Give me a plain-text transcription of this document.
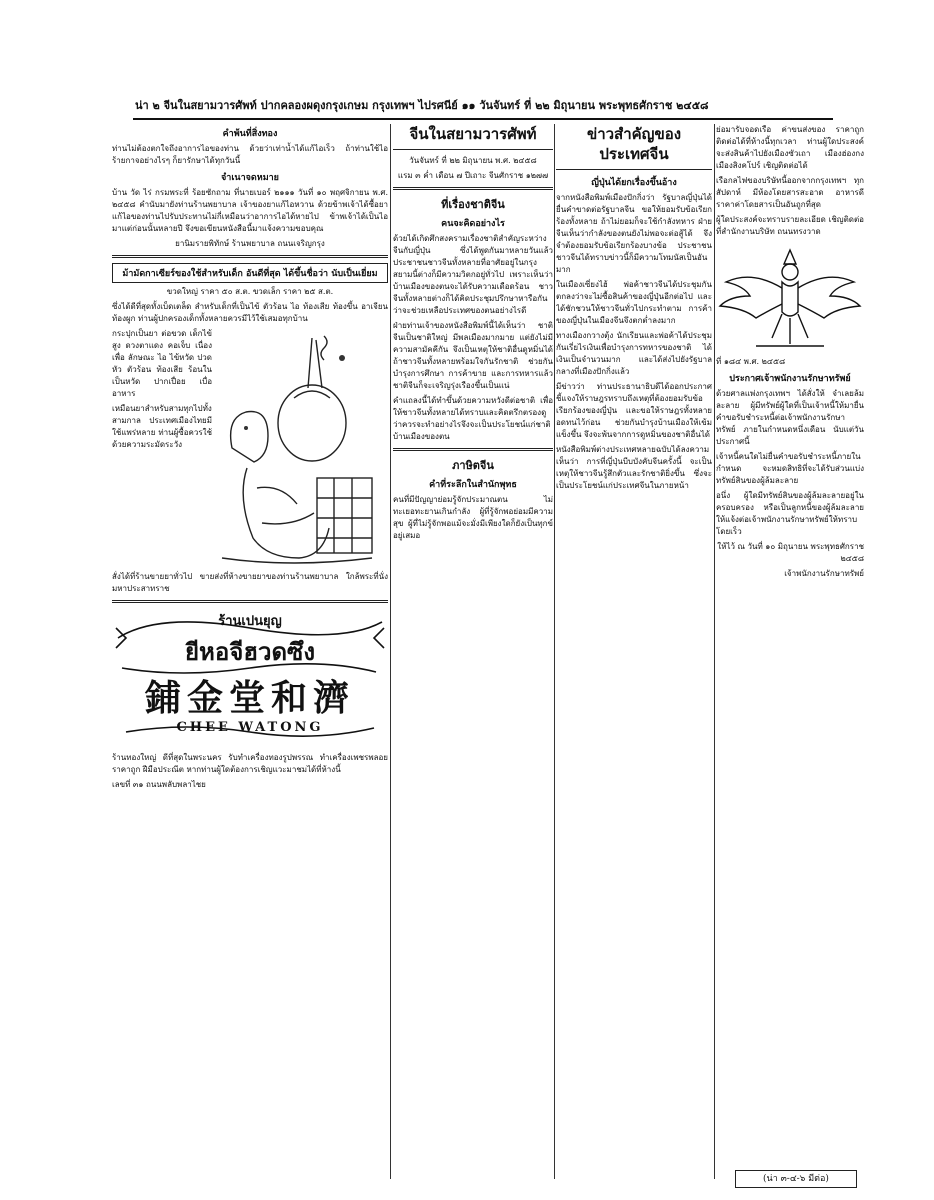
น่า ๒ จีนในสยามวารศัพท์ ปากคลองผดุงกรุงเกษม กรุงเทพฯ ไปรศนีย์ ๑๑ วันจันทร์ ที่ ๒๒ มิถุนายน พระพุทธศักราช ๒๔๕๘
คำพ้นที่สิ่งทอง

ท่านไม่ต้องตกใจถึงอาการไอของท่าน ด้วยว่าเท่าน้ำได้แก้ไอเร็ว ถ้าท่านใช้ไอร้ายกาจอย่างไรๆ ก็ยารักษาได้ทุกวันนี้

จำเนาจดหมาย

บ้าน วัด ไร่ กรมพระที่ ร้อยซักถาม ที่นายเบอร์ ๒๑๑๑ วันที่ ๑๐ พฤศจิกายน พ.ศ. ๒๔๕๘ คำนับมายังท่านร้านพยาบาล เจ้าของยาแก้ไอหวาน ด้วยข้าพเจ้าได้ซื้อยาแก้ไอของท่านไปรับประทานไม่กี่เหมือนว่าอาการไอได้หายไป ข้าพเจ้าได้เป็นไอมาแต่ก่อนนั้นหลายปี จึงขอเขียนหนังสือนี้มาแจ้งความขอบคุณ

ยานิมรายพิทักษ์ ร้านพยาบาล ถนนเจริญกรุง

ม้ามัดกาเซียร์ของใช้สำหรับเด็ก อันดีที่สุด ได้ขึ้นชื่อว่า นับเป็นเยี่ยม

ขวดใหญ่ ราคา ๕๐ ส.ต. ขวดเล็ก ราคา ๒๕ ส.ต.

ซึ่งได้ดีที่สุดทั้งเบ็ดเตล็ด สำหรับเด็กที่เป็นไข้ ตัวร้อน ไอ ท้องเสีย ท้องขึ้น อาเจียน ท้องผูก ท่านผู้ปกครองเด็กทั้งหลายควรมีไว้ใช้เสมอทุกบ้าน

กระปุกเป็นยา ต่อขวด เด็กไข้สูง ดวงตาแดง คอเจ็บ เนื่อง เพื่อ ลักษณะ ไอ ไข้หวัด ปวดหัว ตัวร้อน ท้องเสีย ร้อนใน เป็นหวัด ปากเปื่อย เบื่ออาหาร

เหมือนยาสำหรับสามทุกไปทั้งสามกาล ประเทศเมืองไทยมีใช้แพร่หลาย ท่านผู้ซื้อควรใช้ด้วยความระมัดระวัง

สั่งได้ที่ร้านขายยาทั่วไป ขายส่งที่ห้างขายยาของท่านร้านพยาบาล ใกล้พระที่นั่งมหาประสาทราช

ร้านเปนยุญ
ยีหอจีฮวดซึง
鋪金堂和濟
CHEE WATONG

ร้านทองใหญ่ ดีที่สุดในพระนคร รับทำเครื่องทองรูปพรรณ ทำเครื่องเพชรพลอย ราคาถูก ฝีมือประณีต หากท่านผู้ใดต้องการเชิญแวะมาชมได้ที่ห้างนี้

เลขที่ ๓๑ ถนนพลับพลาไชย

จีนในสยามวารศัพท์

วันจันทร์ ที่ ๒๒ มิถุนายน พ.ศ. ๒๔๕๘

แรม ๓ ค่ำ เดือน ๗ ปีเถาะ จีนศักราช ๑๒๗๗

ที่เรื่องชาติจีน
คนจะคิดอย่างไร

ด้วยได้เกิดศึกสงครามเรื่องชาติสำคัญระหว่างจีนกับญี่ปุ่น ซึ่งได้พูดกันมาหลายวันแล้ว ประชาชนชาวจีนทั้งหลายที่อาศัยอยู่ในกรุงสยามนี้ต่างก็มีความวิตกอยู่ทั่วไป เพราะเห็นว่าบ้านเมืองของตนจะได้รับความเดือดร้อน ชาวจีนทั้งหลายต่างก็ได้คิดประชุมปรึกษาหารือกันว่าจะช่วยเหลือประเทศของตนอย่างไรดี

ฝ่ายท่านเจ้าของหนังสือพิมพ์นี้ได้เห็นว่า ชาติจีนเป็นชาติใหญ่ มีพลเมืองมากมาย แต่ยังไม่มีความสามัคคีกัน จึงเป็นเหตุให้ชาติอื่นดูหมิ่นได้ ถ้าชาวจีนทั้งหลายพร้อมใจกันรักชาติ ช่วยกันบำรุงการศึกษา การค้าขาย และการทหารแล้ว ชาติจีนก็จะเจริญรุ่งเรืองขึ้นเป็นแน่

คำแถลงนี้ได้ทำขึ้นด้วยความหวังดีต่อชาติ เพื่อให้ชาวจีนทั้งหลายได้ทราบและคิดตรึกตรองดู ว่าควรจะทำอย่างไรจึงจะเป็นประโยชน์แก่ชาติบ้านเมืองของตน

ภาษิตจีน
คำที่ระลึกในสำนักพุทธ

คนที่มีปัญญาย่อมรู้จักประมาณตน ไม่ทะเยอทะยานเกินกำลัง ผู้ที่รู้จักพอย่อมมีความสุข ผู้ที่ไม่รู้จักพอแม้จะมั่งมีเพียงใดก็ยังเป็นทุกข์อยู่เสมอ

ข่าวสำคัญของ
ประเทศจีน
ญี่ปุ่นได้ยกเรื่องขึ้นอ้าง

จากหนังสือพิมพ์เมืองปักกิ่งว่า รัฐบาลญี่ปุ่นได้ยื่นคำขาดต่อรัฐบาลจีน ขอให้ยอมรับข้อเรียกร้องทั้งหลาย ถ้าไม่ยอมก็จะใช้กำลังทหาร ฝ่ายจีนเห็นว่ากำลังของตนยังไม่พอจะต่อสู้ได้ จึงจำต้องยอมรับข้อเรียกร้องบางข้อ ประชาชนชาวจีนได้ทราบข่าวนี้ก็มีความโทมนัสเป็นอันมาก

ในเมืองเซี่ยงไฮ้ พ่อค้าชาวจีนได้ประชุมกันตกลงว่าจะไม่ซื้อสินค้าของญี่ปุ่นอีกต่อไป และได้ชักชวนให้ชาวจีนทั่วไปกระทำตาม การค้าของญี่ปุ่นในเมืองจีนจึงตกต่ำลงมาก

ทางเมืองกวางตุ้ง นักเรียนและพ่อค้าได้ประชุมกันเรี่ยไรเงินเพื่อบำรุงการทหารของชาติ ได้เงินเป็นจำนวนมาก และได้ส่งไปยังรัฐบาลกลางที่เมืองปักกิ่งแล้ว

มีข่าวว่า ท่านประธานาธิบดีได้ออกประกาศชี้แจงให้ราษฎรทราบถึงเหตุที่ต้องยอมรับข้อเรียกร้องของญี่ปุ่น และขอให้ราษฎรทั้งหลายอดทนไว้ก่อน ช่วยกันบำรุงบ้านเมืองให้เข้มแข็งขึ้น จึงจะพ้นจากการดูหมิ่นของชาติอื่นได้

หนังสือพิมพ์ต่างประเทศหลายฉบับได้ลงความเห็นว่า การที่ญี่ปุ่นบีบบังคับจีนครั้งนี้ จะเป็นเหตุให้ชาวจีนรู้สึกตัวและรักชาติยิ่งขึ้น ซึ่งจะเป็นประโยชน์แก่ประเทศจีนในภายหน้า

ย่อมารับจอดเรือ ค่าขนส่งของ ราคาถูก ติดต่อได้ที่ห้างนี้ทุกเวลา ท่านผู้ใดประสงค์จะส่งสินค้าไปยังเมืองซัวเถา เมืองฮ่องกง เมืองสิงคโปร์ เชิญติดต่อได้

เรือกลไฟของบริษัทนี้ออกจากกรุงเทพฯ ทุกสัปดาห์ มีห้องโดยสารสะอาด อาหารดี ราคาค่าโดยสารเป็นอันถูกที่สุด

ผู้ใดประสงค์จะทราบรายละเอียด เชิญติดต่อที่สำนักงานบริษัท ถนนทรงวาด

ที่ ๑๘๔ พ.ศ. ๒๔๕๘

ประกาศเจ้าพนักงานรักษาทรัพย์

ด้วยศาลแพ่งกรุงเทพฯ ได้สั่งให้ จำเลยล้มละลาย ผู้มีทรัพย์ผู้ใดที่เป็นเจ้าหนี้ให้มายื่นคำขอรับชำระหนี้ต่อเจ้าพนักงานรักษาทรัพย์ ภายในกำหนดหนึ่งเดือน นับแต่วันประกาศนี้

เจ้าหนี้คนใดไม่ยื่นคำขอรับชำระหนี้ภายในกำหนด จะหมดสิทธิที่จะได้รับส่วนแบ่งทรัพย์สินของผู้ล้มละลาย

อนึ่ง ผู้ใดมีทรัพย์สินของผู้ล้มละลายอยู่ในครอบครอง หรือเป็นลูกหนี้ของผู้ล้มละลาย ให้แจ้งต่อเจ้าพนักงานรักษาทรัพย์ให้ทราบโดยเร็ว

ให้ไว้ ณ วันที่ ๑๐ มิถุนายน พระพุทธศักราช ๒๔๕๘

เจ้าพนักงานรักษาทรัพย์

(น่า ๓-๔-๖ มีต่อ)
